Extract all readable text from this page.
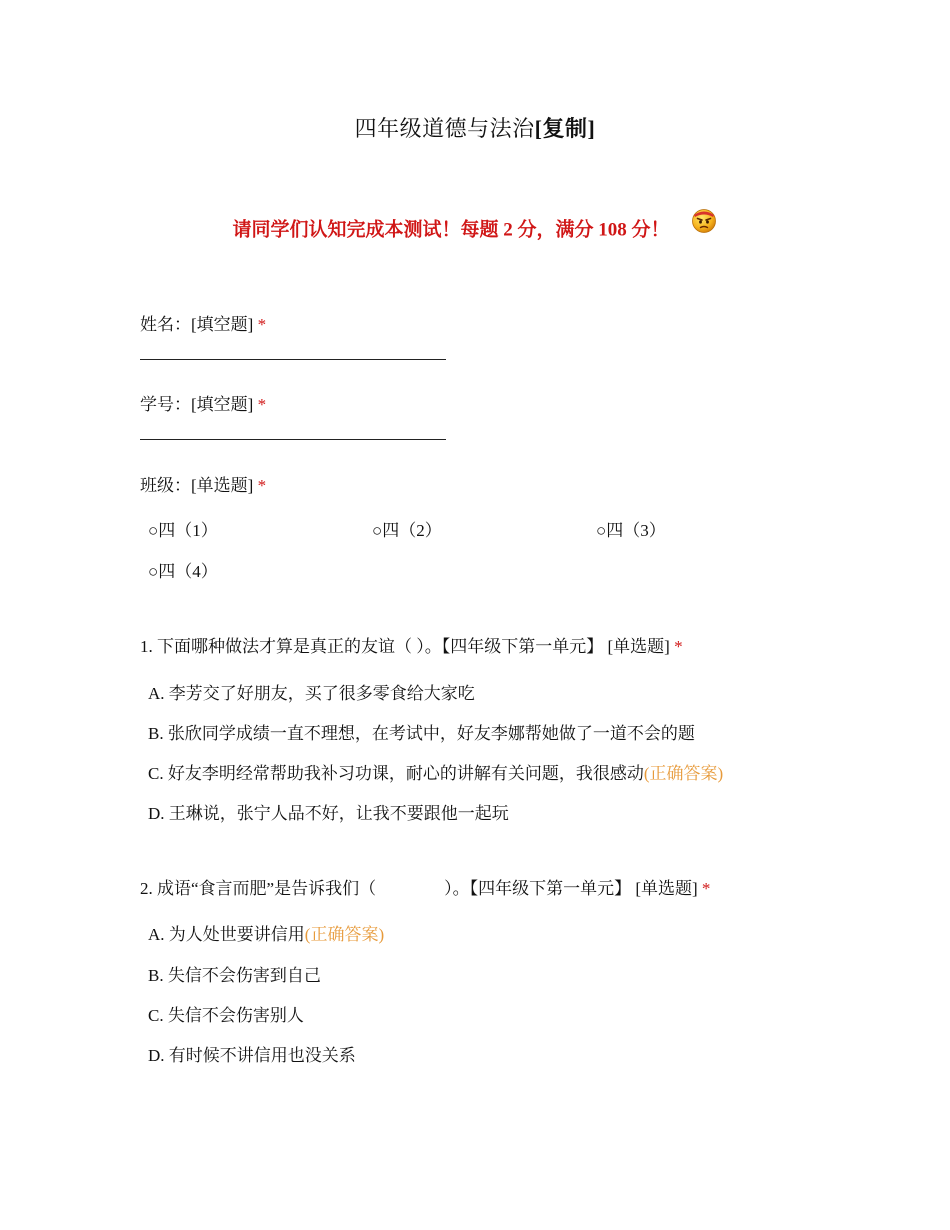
四年级道德与法治[复制]
请同学们认知完成本测试！每题 2 分，满分 108 分！
姓名：[填空题] *
学号：[填空题] *
班级：[单选题] *
○四（1）	○四（2）	○四（3）
○四（4）
1. 下面哪种做法才算是真正的友谊（ ）。【四年级下第一单元】 [单选题] *
A. 李芳交了好朋友，买了很多零食给大家吃
B. 张欣同学成绩一直不理想，在考试中，好友李娜帮她做了一道不会的题
C. 好友李明经常帮助我补习功课，耐心的讲解有关问题，我很感动(正确答案)
D. 王琳说，张宁人品不好，让我不要跟他一起玩
2. 成语“食言而肥”是告诉我们（　　　　）。【四年级下第一单元】 [单选题] *
A. 为人处世要讲信用(正确答案)
B. 失信不会伤害到自己
C. 失信不会伤害别人
D. 有时候不讲信用也没关系
